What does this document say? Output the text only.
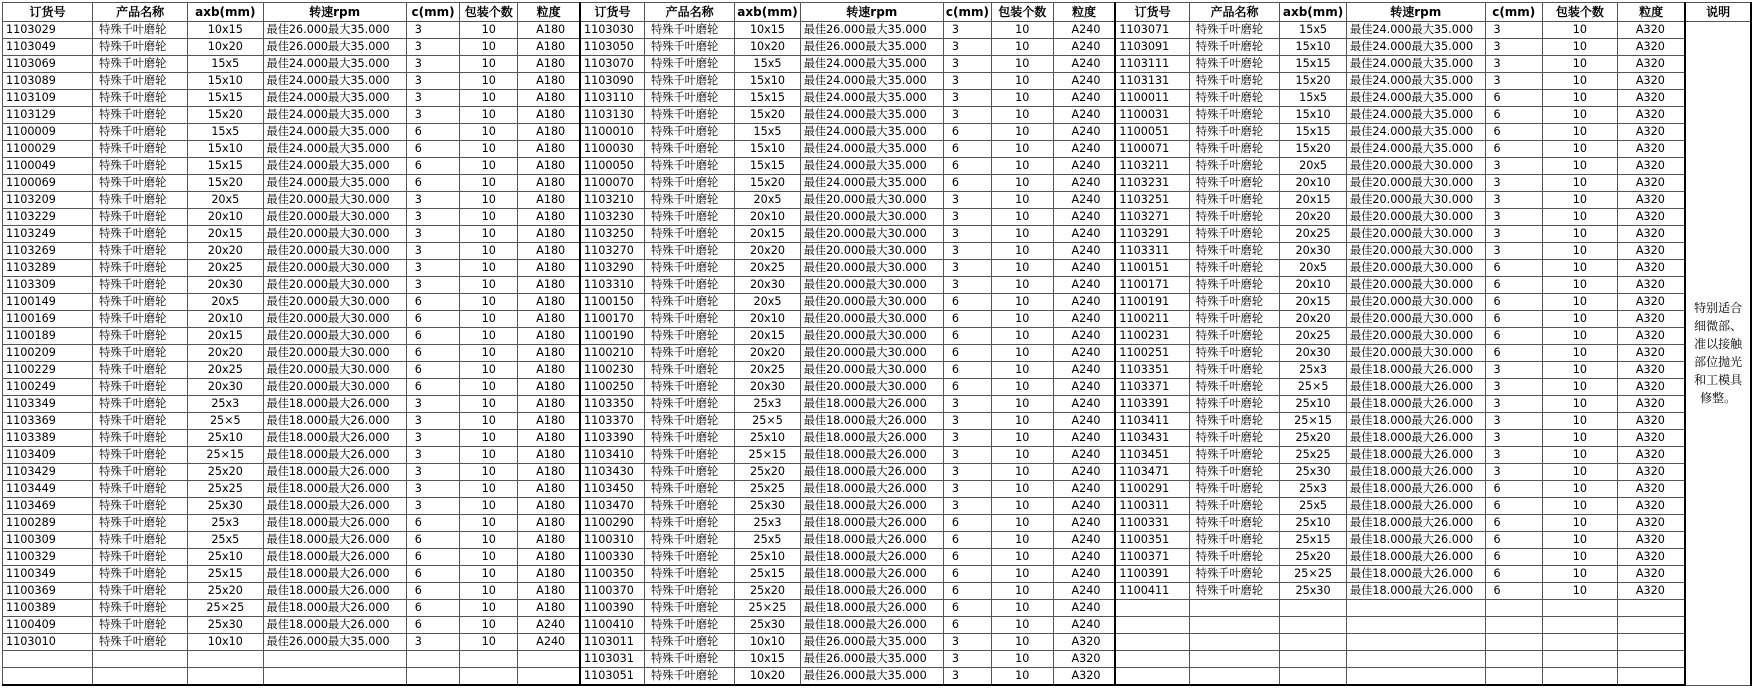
订货号	产品名称	axb(mm)	转速rpm	c(mm)	包装个数	粒度	订货号	产品名称	axb(mm)	转速rpm	c(mm)	包装个数	粒度	订货号	产品名称	axb(mm)	转速rpm	c(mm)	包装个数	粒度	说明
1103029	特殊千叶磨轮	10x15	最佳26.000最大35.000	3	10	A180	1103030	特殊千叶磨轮	10x15	最佳26.000最大35.000	3	10	A240	1103071	特殊千叶磨轮	15x5	最佳24.000最大35.000	3	10	A320	特别适合细微部、准以接触部位抛光和工模具修整。
1103049	特殊千叶磨轮	10x20	最佳26.000最大35.000	3	10	A180	1103050	特殊千叶磨轮	10x20	最佳26.000最大35.000	3	10	A240	1103091	特殊千叶磨轮	15x10	最佳24.000最大35.000	3	10	A320	
1103069	特殊千叶磨轮	15x5	最佳24.000最大35.000	3	10	A180	1103070	特殊千叶磨轮	15x5	最佳24.000最大35.000	3	10	A240	1103111	特殊千叶磨轮	15x15	最佳24.000最大35.000	3	10	A320	
1103089	特殊千叶磨轮	15x10	最佳24.000最大35.000	3	10	A180	1103090	特殊千叶磨轮	15x10	最佳24.000最大35.000	3	10	A240	1103131	特殊千叶磨轮	15x20	最佳24.000最大35.000	3	10	A320	
1103109	特殊千叶磨轮	15x15	最佳24.000最大35.000	3	10	A180	1103110	特殊千叶磨轮	15x15	最佳24.000最大35.000	3	10	A240	1100011	特殊千叶磨轮	15x5	最佳24.000最大35.000	6	10	A320	
1103129	特殊千叶磨轮	15x20	最佳24.000最大35.000	3	10	A180	1103130	特殊千叶磨轮	15x20	最佳24.000最大35.000	3	10	A240	1100031	特殊千叶磨轮	15x10	最佳24.000最大35.000	6	10	A320	
1100009	特殊千叶磨轮	15x5	最佳24.000最大35.000	6	10	A180	1100010	特殊千叶磨轮	15x5	最佳24.000最大35.000	6	10	A240	1100051	特殊千叶磨轮	15x15	最佳24.000最大35.000	6	10	A320	
1100029	特殊千叶磨轮	15x10	最佳24.000最大35.000	6	10	A180	1100030	特殊千叶磨轮	15x10	最佳24.000最大35.000	6	10	A240	1100071	特殊千叶磨轮	15x20	最佳24.000最大35.000	6	10	A320	
1100049	特殊千叶磨轮	15x15	最佳24.000最大35.000	6	10	A180	1100050	特殊千叶磨轮	15x15	最佳24.000最大35.000	6	10	A240	1103211	特殊千叶磨轮	20x5	最佳20.000最大30.000	3	10	A320	
1100069	特殊千叶磨轮	15x20	最佳24.000最大35.000	6	10	A180	1100070	特殊千叶磨轮	15x20	最佳24.000最大35.000	6	10	A240	1103231	特殊千叶磨轮	20x10	最佳20.000最大30.000	3	10	A320	
1103209	特殊千叶磨轮	20x5	最佳20.000最大30.000	3	10	A180	1103210	特殊千叶磨轮	20x5	最佳20.000最大30.000	3	10	A240	1103251	特殊千叶磨轮	20x15	最佳20.000最大30.000	3	10	A320	
1103229	特殊千叶磨轮	20x10	最佳20.000最大30.000	3	10	A180	1103230	特殊千叶磨轮	20x10	最佳20.000最大30.000	3	10	A240	1103271	特殊千叶磨轮	20x20	最佳20.000最大30.000	3	10	A320	
1103249	特殊千叶磨轮	20x15	最佳20.000最大30.000	3	10	A180	1103250	特殊千叶磨轮	20x15	最佳20.000最大30.000	3	10	A240	1103291	特殊千叶磨轮	20x25	最佳20.000最大30.000	3	10	A320	
1103269	特殊千叶磨轮	20x20	最佳20.000最大30.000	3	10	A180	1103270	特殊千叶磨轮	20x20	最佳20.000最大30.000	3	10	A240	1103311	特殊千叶磨轮	20x30	最佳20.000最大30.000	3	10	A320	
1103289	特殊千叶磨轮	20x25	最佳20.000最大30.000	3	10	A180	1103290	特殊千叶磨轮	20x25	最佳20.000最大30.000	3	10	A240	1100151	特殊千叶磨轮	20x5	最佳20.000最大30.000	6	10	A320	
1103309	特殊千叶磨轮	20x30	最佳20.000最大30.000	3	10	A180	1103310	特殊千叶磨轮	20x30	最佳20.000最大30.000	3	10	A240	1100171	特殊千叶磨轮	20x10	最佳20.000最大30.000	6	10	A320	
1100149	特殊千叶磨轮	20x5	最佳20.000最大30.000	6	10	A180	1100150	特殊千叶磨轮	20x5	最佳20.000最大30.000	6	10	A240	1100191	特殊千叶磨轮	20x15	最佳20.000最大30.000	6	10	A320	
1100169	特殊千叶磨轮	20x10	最佳20.000最大30.000	6	10	A180	1100170	特殊千叶磨轮	20x10	最佳20.000最大30.000	6	10	A240	1100211	特殊千叶磨轮	20x20	最佳20.000最大30.000	6	10	A320	
1100189	特殊千叶磨轮	20x15	最佳20.000最大30.000	6	10	A180	1100190	特殊千叶磨轮	20x15	最佳20.000最大30.000	6	10	A240	1100231	特殊千叶磨轮	20x25	最佳20.000最大30.000	6	10	A320	
1100209	特殊千叶磨轮	20x20	最佳20.000最大30.000	6	10	A180	1100210	特殊千叶磨轮	20x20	最佳20.000最大30.000	6	10	A240	1100251	特殊千叶磨轮	20x30	最佳20.000最大30.000	6	10	A320	
1100229	特殊千叶磨轮	20x25	最佳20.000最大30.000	6	10	A180	1100230	特殊千叶磨轮	20x25	最佳20.000最大30.000	6	10	A240	1103351	特殊千叶磨轮	25x3	最佳18.000最大26.000	3	10	A320	
1100249	特殊千叶磨轮	20x30	最佳20.000最大30.000	6	10	A180	1100250	特殊千叶磨轮	20x30	最佳20.000最大30.000	6	10	A240	1103371	特殊千叶磨轮	25×5	最佳18.000最大26.000	3	10	A320	
1103349	特殊千叶磨轮	25x3	最佳18.000最大26.000	3	10	A180	1103350	特殊千叶磨轮	25x3	最佳18.000最大26.000	3	10	A240	1103391	特殊千叶磨轮	25x10	最佳18.000最大26.000	3	10	A320	
1103369	特殊千叶磨轮	25×5	最佳18.000最大26.000	3	10	A180	1103370	特殊千叶磨轮	25×5	最佳18.000最大26.000	3	10	A240	1103411	特殊千叶磨轮	25×15	最佳18.000最大26.000	3	10	A320	
1103389	特殊千叶磨轮	25x10	最佳18.000最大26.000	3	10	A180	1103390	特殊千叶磨轮	25x10	最佳18.000最大26.000	3	10	A240	1103431	特殊千叶磨轮	25x20	最佳18.000最大26.000	3	10	A320	
1103409	特殊千叶磨轮	25×15	最佳18.000最大26.000	3	10	A180	1103410	特殊千叶磨轮	25×15	最佳18.000最大26.000	3	10	A240	1103451	特殊千叶磨轮	25x25	最佳18.000最大26.000	3	10	A320	
1103429	特殊千叶磨轮	25x20	最佳18.000最大26.000	3	10	A180	1103430	特殊千叶磨轮	25x20	最佳18.000最大26.000	3	10	A240	1103471	特殊千叶磨轮	25x30	最佳18.000最大26.000	3	10	A320	
1103449	特殊千叶磨轮	25x25	最佳18.000最大26.000	3	10	A180	1103450	特殊千叶磨轮	25x25	最佳18.000最大26.000	3	10	A240	1100291	特殊千叶磨轮	25x3	最佳18.000最大26.000	6	10	A320	
1103469	特殊千叶磨轮	25x30	最佳18.000最大26.000	3	10	A180	1103470	特殊千叶磨轮	25x30	最佳18.000最大26.000	3	10	A240	1100311	特殊千叶磨轮	25x5	最佳18.000最大26.000	6	10	A320	
1100289	特殊千叶磨轮	25x3	最佳18.000最大26.000	6	10	A180	1100290	特殊千叶磨轮	25x3	最佳18.000最大26.000	6	10	A240	1100331	特殊千叶磨轮	25x10	最佳18.000最大26.000	6	10	A320	
1100309	特殊千叶磨轮	25x5	最佳18.000最大26.000	6	10	A180	1100310	特殊千叶磨轮	25x5	最佳18.000最大26.000	6	10	A240	1100351	特殊千叶磨轮	25x15	最佳18.000最大26.000	6	10	A320	
1100329	特殊千叶磨轮	25x10	最佳18.000最大26.000	6	10	A180	1100330	特殊千叶磨轮	25x10	最佳18.000最大26.000	6	10	A240	1100371	特殊千叶磨轮	25x20	最佳18.000最大26.000	6	10	A320	
1100349	特殊千叶磨轮	25x15	最佳18.000最大26.000	6	10	A180	1100350	特殊千叶磨轮	25x15	最佳18.000最大26.000	6	10	A240	1100391	特殊千叶磨轮	25×25	最佳18.000最大26.000	6	10	A320	
1100369	特殊千叶磨轮	25x20	最佳18.000最大26.000	6	10	A180	1100370	特殊千叶磨轮	25x20	最佳18.000最大26.000	6	10	A240	1100411	特殊千叶磨轮	25x30	最佳18.000最大26.000	6	10	A320	
1100389	特殊千叶磨轮	25×25	最佳18.000最大26.000	6	10	A180	1100390	特殊千叶磨轮	25×25	最佳18.000最大26.000	6	10	A240								
1100409	特殊千叶磨轮	25x30	最佳18.000最大26.000	6	10	A240	1100410	特殊千叶磨轮	25x30	最佳18.000最大26.000	6	10	A240								
1103010	特殊千叶磨轮	10x10	最佳26.000最大35.000	3	10	A240	1103011	特殊千叶磨轮	10x10	最佳26.000最大35.000	3	10	A320								
							1103031	特殊千叶磨轮	10x15	最佳26.000最大35.000	3	10	A320								
							1103051	特殊千叶磨轮	10x20	最佳26.000最大35.000	3	10	A320								
